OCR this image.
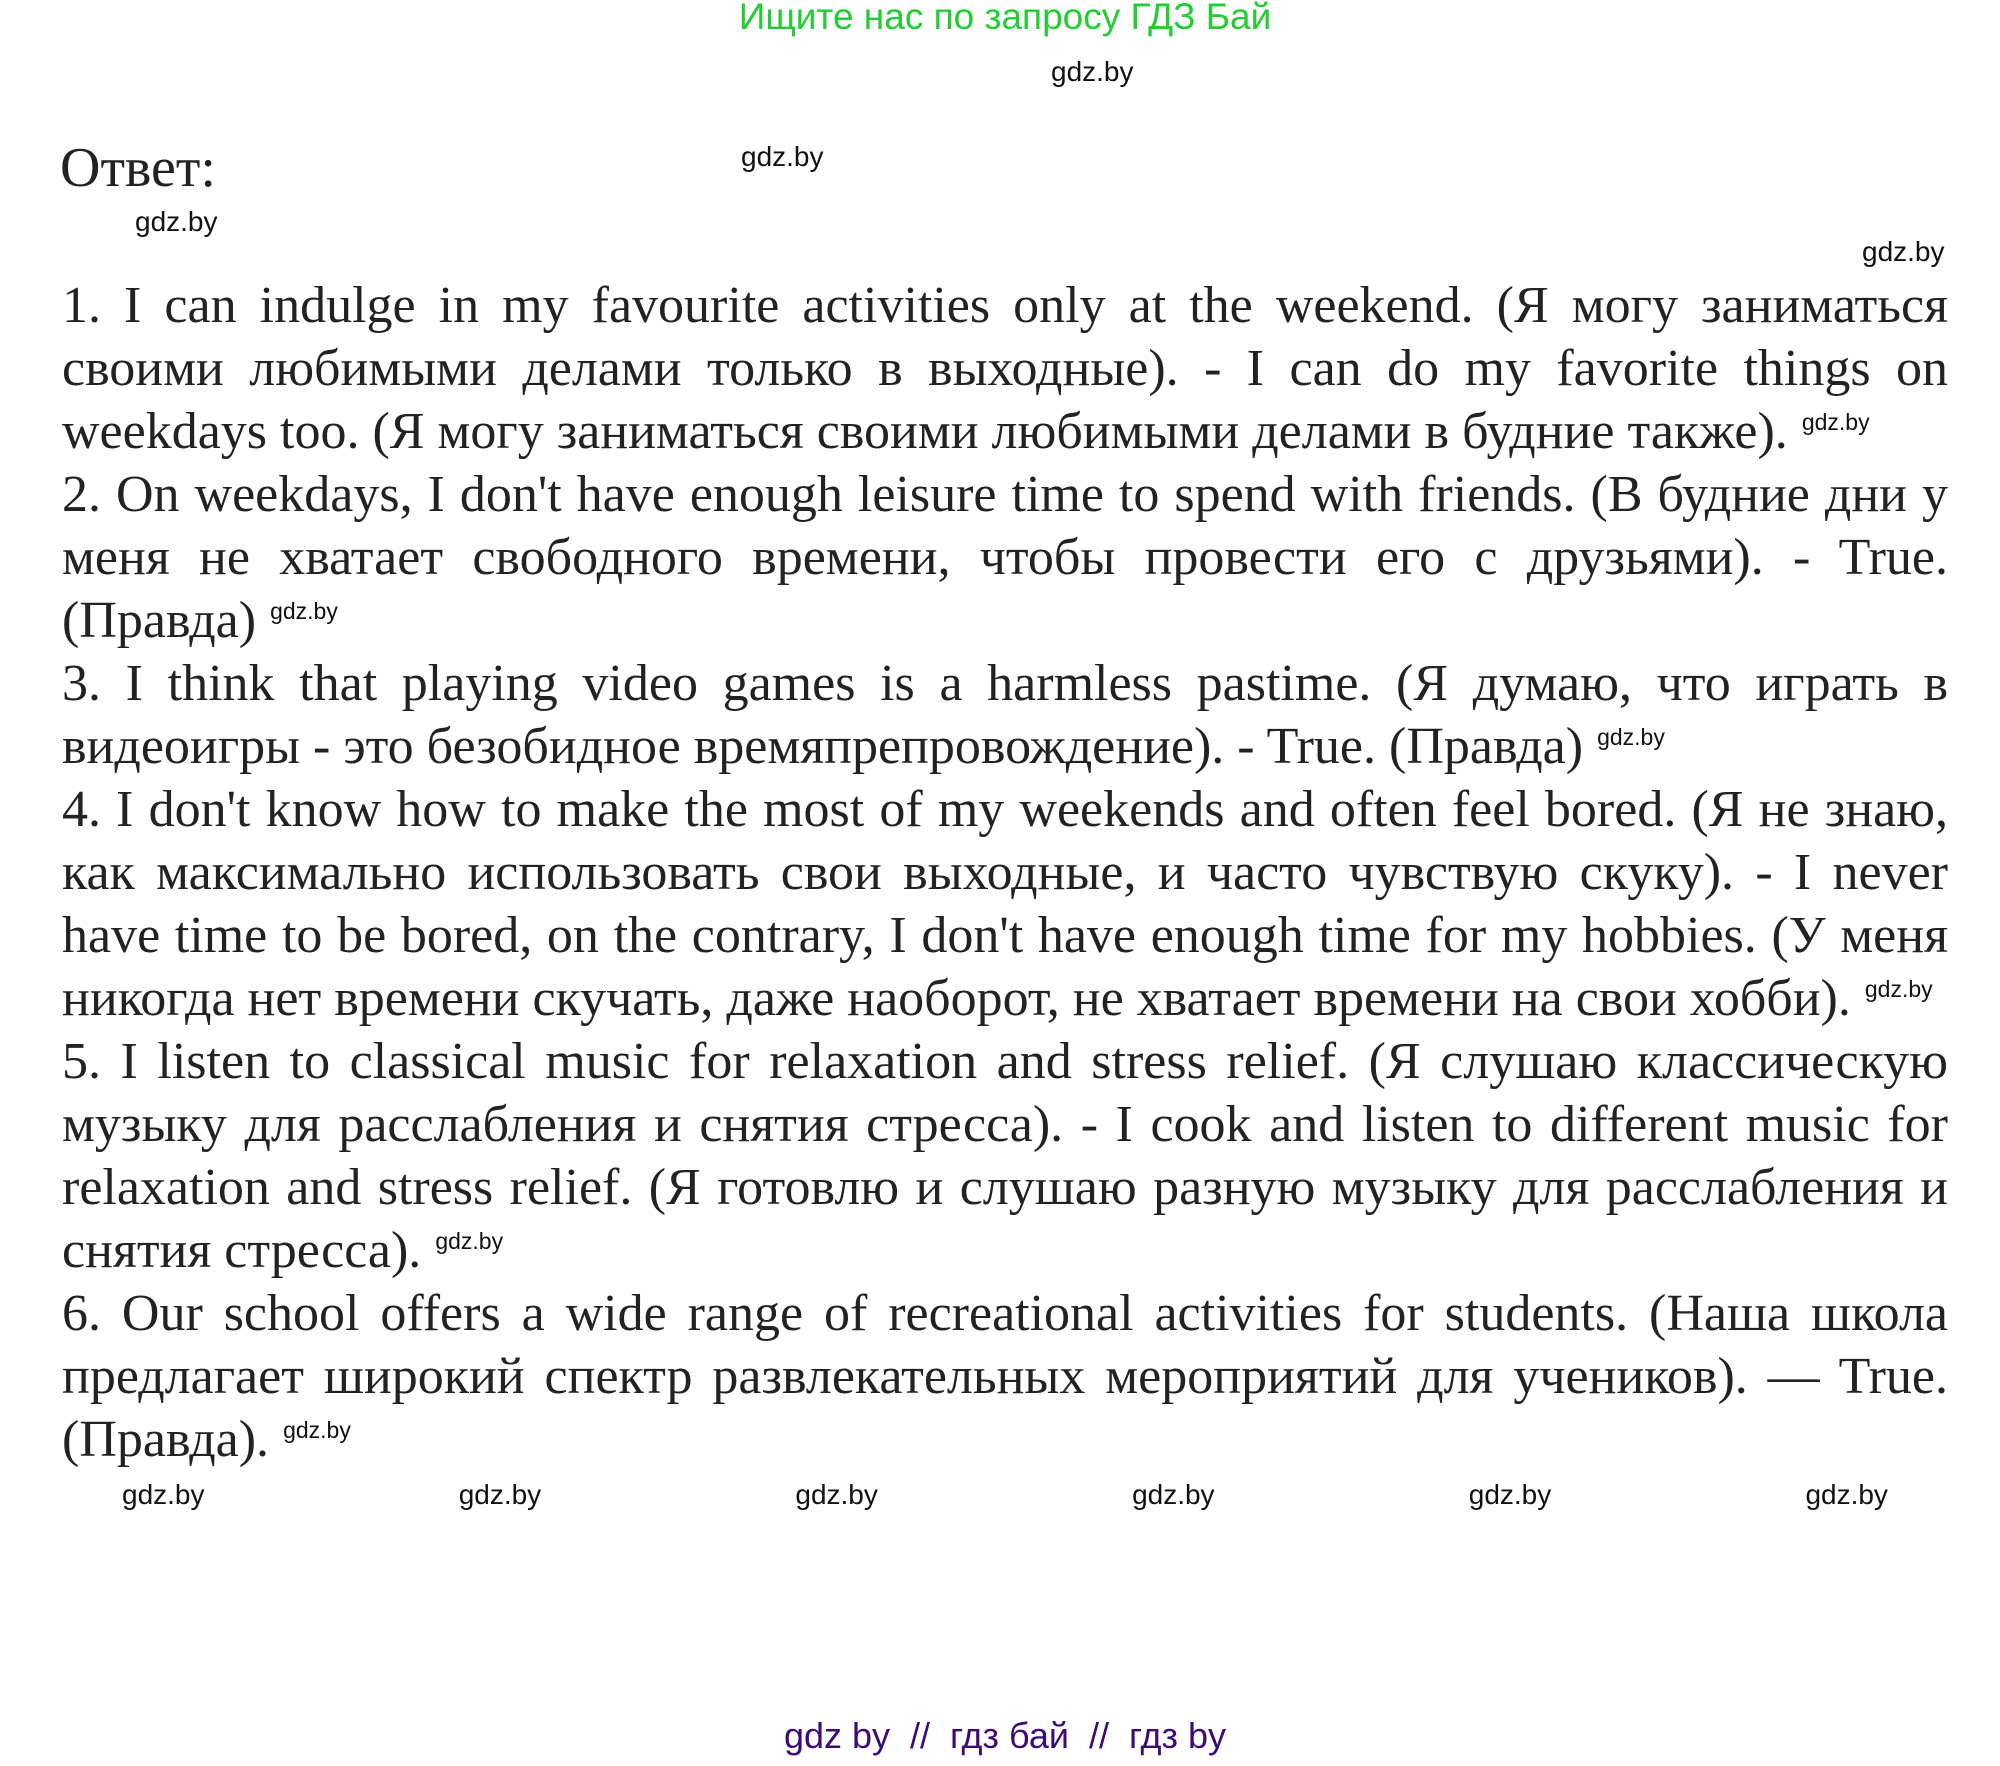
Ищите нас по запросу ГДЗ Бай
Ответ:
gdz.by
gdz.by
gdz.by
gdz.by

1. I can indulge in my favourite activities only at the weekend. (Я могу заниматься своими любимыми делами только в выходные). - I can do my favorite things on weekdays too. (Я могу заниматься своими любимыми делами в будние также). $^{gdz.by}$

2. On weekdays, I don't have enough leisure time to spend with friends. (В будние дни у меня не хватает свободного времени, чтобы провести его с друзьями). - True. (Правда) $^{gdz.by}$

3. I think that playing video games is a harmless pastime. (Я думаю, что играть в видеоигры - это безобидное времяпрепровождение). - True. (Правда) $^{gdz.by}$

4. I don't know how to make the most of my weekends and often feel bored. (Я не знаю, как максимально использовать свои выходные, и часто чувствую скуку). - I never have time to be bored, on the contrary, I don't have enough time for my hobbies. (У меня никогда нет времени скучать, даже наоборот, не хватает времени на свои хобби). $^{gdz.by}$

5. I listen to classical music for relaxation and stress relief. (Я слушаю классическую музыку для расслабления и снятия стресса). - I cook and listen to different music for relaxation and stress relief. (Я готовлю и слушаю разную музыку для расслабления и снятия стресса). $^{gdz.by}$

6. Our school offers a wide range of recreational activities for students. (Наша школа предлагает широкий спектр развлекательных мероприятий для учеников). — True. (Правда). $^{gdz.by}$

gdz.by	gdz.by	gdz.by	gdz.by	gdz.by	gdz.by
gdz by  //  гдз бай  //  гдз by
